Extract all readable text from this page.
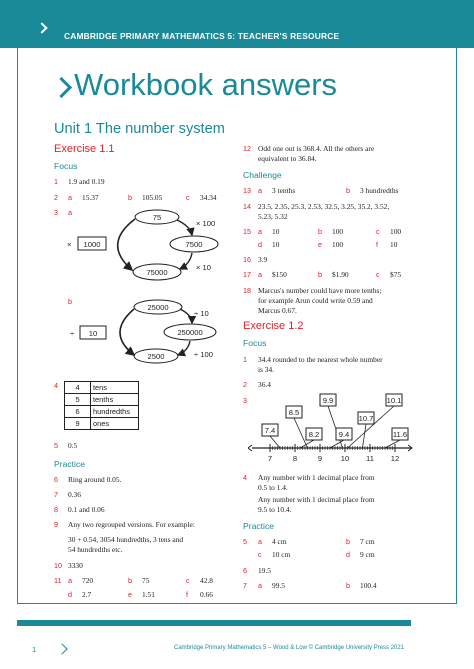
CAMBRIDGE PRIMARY MATHEMATICS 5: TEACHER'S RESOURCE
Workbook answers
Unit 1 The number system
Exercise 1.1
Focus
1 1.9 and 0.19
2 a 15.37	b 105.05	c 34.34
3 a
75
7500
75000
1000
×
× 100
× 10
b
25000
250000
2500
10
÷
÷ 10
÷ 100
4 4	tens
5	tenths
6	hundredths
9	ones
5 0.5
Practice
6 Ring around 0.05.
7 0.36
8 0.1 and 0.06
9 Any two regrouped versions. For example:
30 + 0.54, 3054 hundredths, 3 tens and
54 hundredths etc.
10 3330
11 a 720	b 75	c 42.8
d 2.7	e 1.51	f 0.66
12 Odd one out is 368.4. All the others are
equivalent to 36.84.
Challenge
13 a 3 tenths	b 3 hundredths
14 23.5, 2.35, 25.3, 2.53, 32.5, 3.25, 35.2, 3.52,
5.23, 5.32
15 a 10	b 100	c 100
d 10	e 100	f 10
16 3.9
17 a $150	b $1.90	c $75
18 Marcus's number could have more tenths;
for example Arun could write 0.59 and
Marcus 0.67.
Exercise 1.2
Focus
1 34.4 rounded to the nearest whole number
is 34.
2 36.4
3
7.4
8.5
8.2
9.9
9.4
10.7
10.1
11.6
7	8	9 10 11 12
4 Any number with 1 decimal place from
0.5 to 1.4.
Any number with 1 decimal place from
9.5 to 10.4.
Practice
5 a 4 cm	b 7 cm
c 10 cm	d 9 cm
6 19.5
7 a 99.5	b 100.4
1	Cambridge Primary Mathematics 5 – Wood & Low © Cambridge University Press 2021
